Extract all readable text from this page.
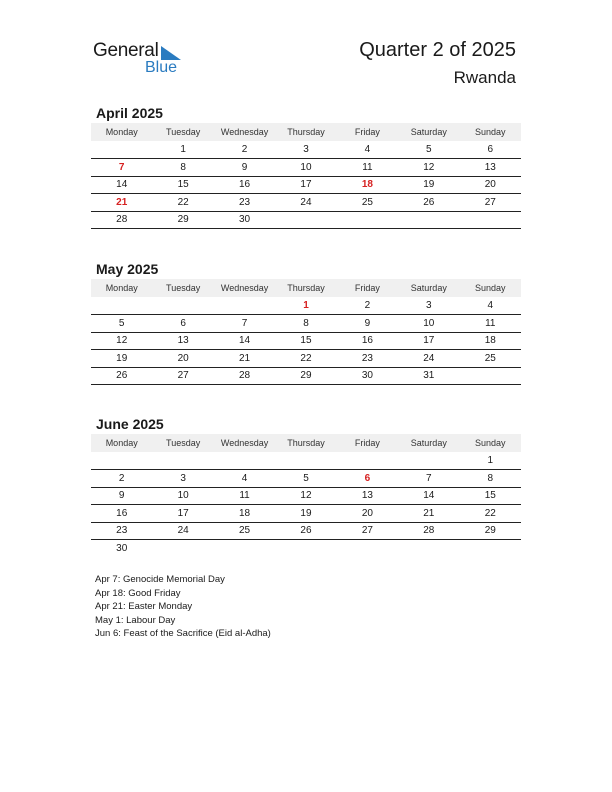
General
Blue
Quarter 2 of 2025
Rwanda
April 2025
Monday	Tuesday	Wednesday	Thursday	Friday	Saturday	Sunday
	1	2	3	4	5	6
7	8	9	10	11	12	13
14	15	16	17	18	19	20
21	22	23	24	25	26	27
28	29	30				
May 2025
Monday	Tuesday	Wednesday	Thursday	Friday	Saturday	Sunday
			1	2	3	4
5	6	7	8	9	10	11
12	13	14	15	16	17	18
19	20	21	22	23	24	25
26	27	28	29	30	31	
June 2025
Monday	Tuesday	Wednesday	Thursday	Friday	Saturday	Sunday
						1
2	3	4	5	6	7	8
9	10	11	12	13	14	15
16	17	18	19	20	21	22
23	24	25	26	27	28	29
30						
Apr 7: Genocide Memorial Day
Apr 18: Good Friday
Apr 21: Easter Monday
May 1: Labour Day
Jun 6: Feast of the Sacrifice (Eid al-Adha)
